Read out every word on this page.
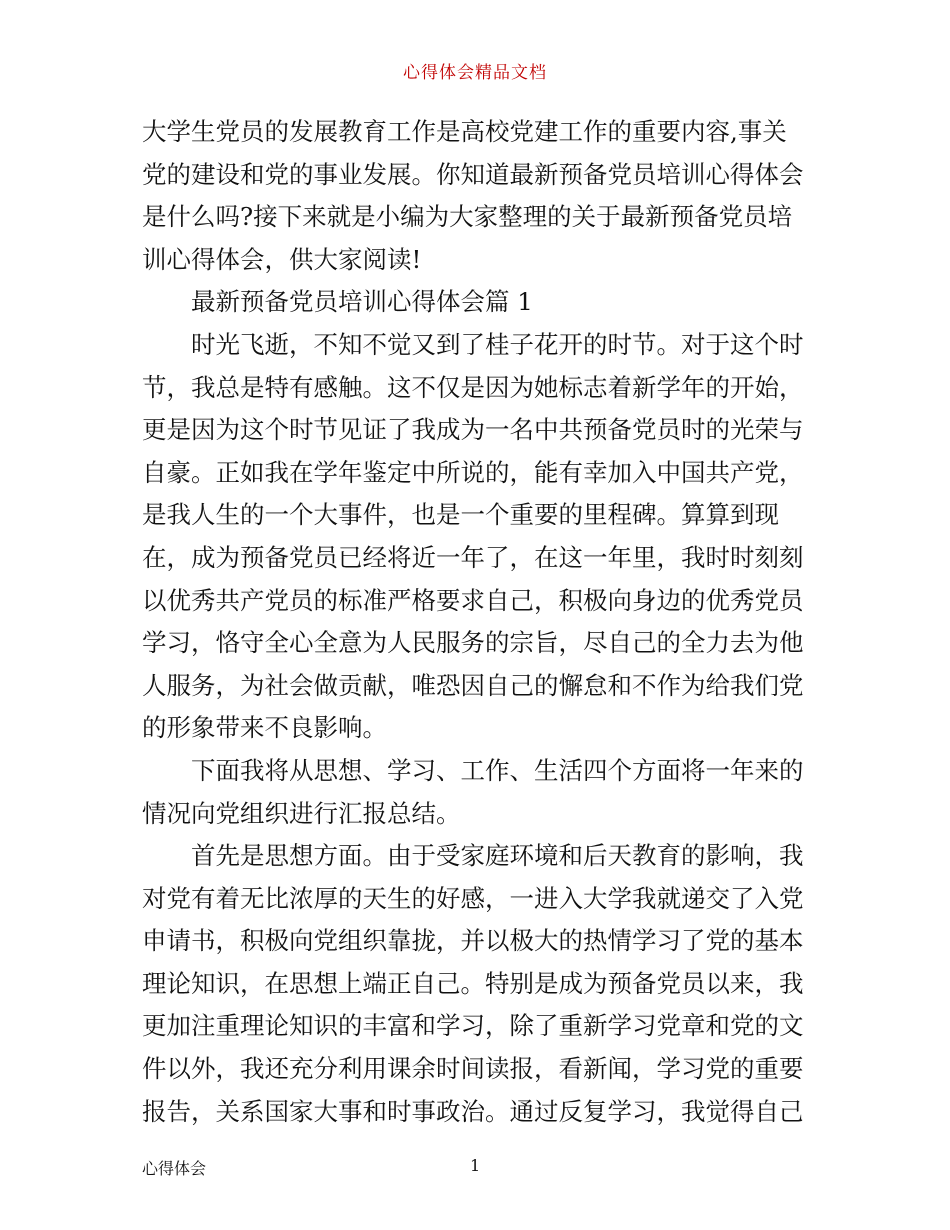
心得体会精品文档
大学生党员的发展教育工作是高校党建工作的重要内容,事关
党的建设和党的事业发展。你知道最新预备党员培训心得体会
是什么吗?接下来就是小编为大家整理的关于最新预备党员培
训心得体会，供大家阅读!
最新预备党员培训心得体会篇 1
时光飞逝，不知不觉又到了桂子花开的时节。对于这个时
节，我总是特有感触。这不仅是因为她标志着新学年的开始，
更是因为这个时节见证了我成为一名中共预备党员时的光荣与
自豪。正如我在学年鉴定中所说的，能有幸加入中国共产党，
是我人生的一个大事件，也是一个重要的里程碑。算算到现
在，成为预备党员已经将近一年了，在这一年里，我时时刻刻
以优秀共产党员的标准严格要求自己，积极向身边的优秀党员
学习，恪守全心全意为人民服务的宗旨，尽自己的全力去为他
人服务，为社会做贡献，唯恐因自己的懈怠和不作为给我们党
的形象带来不良影响。
下面我将从思想、学习、工作、生活四个方面将一年来的
情况向党组织进行汇报总结。
首先是思想方面。由于受家庭环境和后天教育的影响，我
对党有着无比浓厚的天生的好感，一进入大学我就递交了入党
申请书，积极向党组织靠拢，并以极大的热情学习了党的基本
理论知识，在思想上端正自己。特别是成为预备党员以来，我
更加注重理论知识的丰富和学习，除了重新学习党章和党的文
件以外，我还充分利用课余时间读报，看新闻，学习党的重要
报告，关系国家大事和时事政治。通过反复学习，我觉得自己
心得体会	1
